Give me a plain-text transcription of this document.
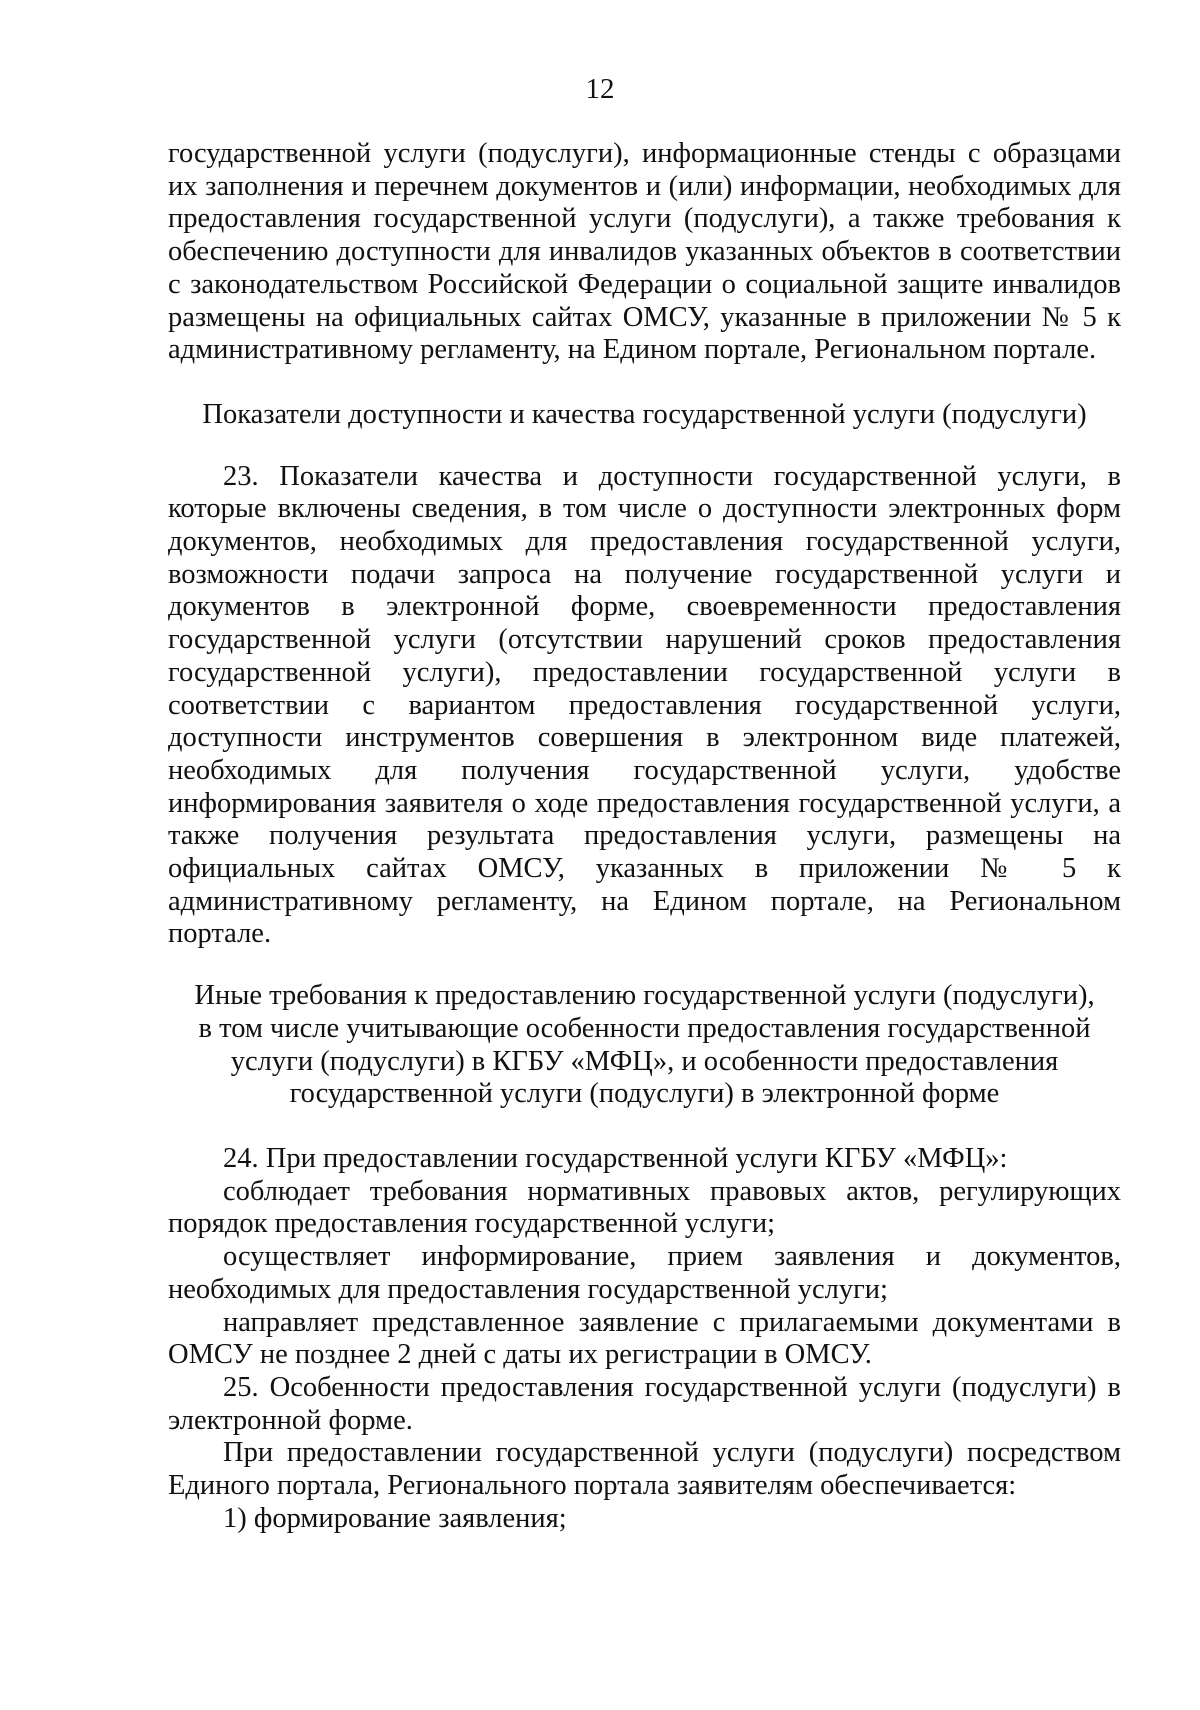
12

государственной услуги (подуслуги), информационные стенды с образцами их заполнения и перечнем документов и (или) информации, необходимых для предоставления государственной услуги (подуслуги), а также требования к обеспечению доступности для инвалидов указанных объектов в соответствии с законодательством Российской Федерации о социальной защите инвалидов размещены на официальных сайтах ОМСУ, указанные в приложении № 5 к административному регламенту, на Едином портале, Региональном портале.

Показатели доступности и качества государственной услуги (подуслуги)

23. Показатели качества и доступности государственной услуги, в которые включены сведения, в том числе о доступности электронных форм документов, необходимых для предоставления государственной услуги, возможности подачи запроса на получение государственной услуги и документов в электронной форме, своевременности предоставления государственной услуги (отсутствии нарушений сроков предоставления государственной услуги), предоставлении государственной услуги в соответствии с вариантом предоставления государственной услуги, доступности инструментов совершения в электронном виде платежей, необходимых для получения государственной услуги, удобстве информирования заявителя о ходе предоставления государственной услуги, а также получения результата предоставления услуги, размещены на официальных сайтах ОМСУ, указанных в приложении № 5 к административному регламенту, на Едином портале, на Региональном портале.

Иные требования к предоставлению государственной услуги (подуслуги),
в том числе учитывающие особенности предоставления государственной
услуги (подуслуги) в КГБУ «МФЦ», и особенности предоставления
государственной услуги (подуслуги) в электронной форме

24. При предоставлении государственной услуги КГБУ «МФЦ»:

соблюдает требования нормативных правовых актов, регулирующих порядок предоставления государственной услуги;

осуществляет информирование, прием заявления и документов, необходимых для предоставления государственной услуги;

направляет представленное заявление с прилагаемыми документами в ОМСУ не позднее 2 дней с даты их регистрации в ОМСУ.

25. Особенности предоставления государственной услуги (подуслуги) в электронной форме.

При предоставлении государственной услуги (подуслуги) посредством Единого портала, Регионального портала заявителям обеспечивается:

1) формирование заявления;
